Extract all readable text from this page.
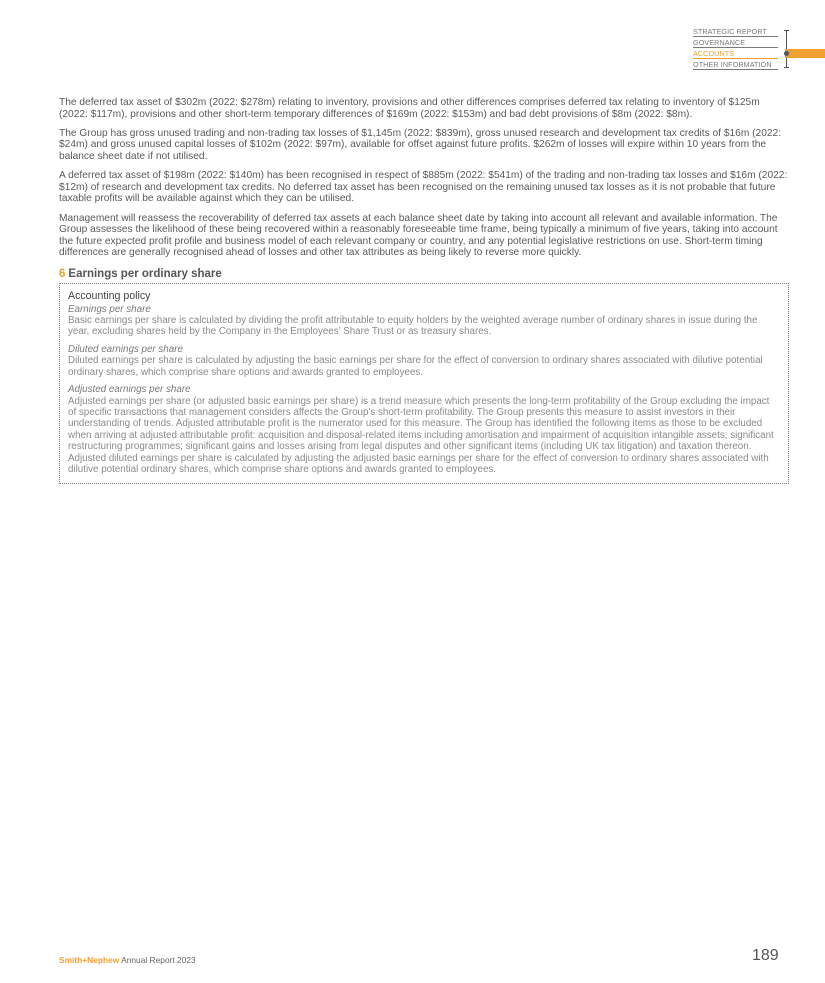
STRATEGIC REPORT
GOVERNANCE
ACCOUNTS
OTHER INFORMATION

The deferred tax asset of $302m (2022: $278m) relating to inventory, provisions and other differences comprises deferred tax relating to inventory of $125m (2022: $117m), provisions and other short-term temporary differences of $169m (2022: $153m) and bad debt provisions of $8m (2022: $8m).

The Group has gross unused trading and non-trading tax losses of $1,145m (2022: $839m), gross unused research and development tax credits of $16m (2022: $24m) and gross unused capital losses of $102m (2022: $97m), available for offset against future profits. $262m of losses will expire within 10 years from the balance sheet date if not utilised.

A deferred tax asset of $198m (2022: $140m) has been recognised in respect of $885m (2022: $541m) of the trading and non-trading tax losses and $16m (2022: $12m) of research and development tax credits. No deferred tax asset has been recognised on the remaining unused tax losses as it is not probable that future taxable profits will be available against which they can be utilised.

Management will reassess the recoverability of deferred tax assets at each balance sheet date by taking into account all relevant and available information. The Group assesses the likelihood of these being recovered within a reasonably foreseeable time frame, being typically a minimum of five years, taking into account the future expected profit profile and business model of each relevant company or country, and any potential legislative restrictions on use. Short-term timing differences are generally recognised ahead of losses and other tax attributes as being likely to reverse more quickly.

6 Earnings per ordinary share
Accounting policy
Earnings per share
Basic earnings per share is calculated by dividing the profit attributable to equity holders by the weighted average number of ordinary shares in issue during the year, excluding shares held by the Company in the Employees’ Share Trust or as treasury shares.
Diluted earnings per share
Diluted earnings per share is calculated by adjusting the basic earnings per share for the effect of conversion to ordinary shares associated with dilutive potential ordinary shares, which comprise share options and awards granted to employees.
Adjusted earnings per share
Adjusted earnings per share (or adjusted basic earnings per share) is a trend measure which presents the long-term profitability of the Group excluding the impact of specific transactions that management considers affects the Group’s short-term profitability. The Group presents this measure to assist investors in their understanding of trends. Adjusted attributable profit is the numerator used for this measure. The Group has identified the following items as those to be excluded when arriving at adjusted attributable profit: acquisition and disposal-related items including amortisation and impairment of acquisition intangible assets; significant restructuring programmes; significant gains and losses arising from legal disputes and other significant items (including UK tax litigation) and taxation thereon. Adjusted diluted earnings per share is calculated by adjusting the adjusted basic earnings per share for the effect of conversion to ordinary shares associated with dilutive potential ordinary shares, which comprise share options and awards granted to employees.
Smith+Nephew Annual Report 2023	189
